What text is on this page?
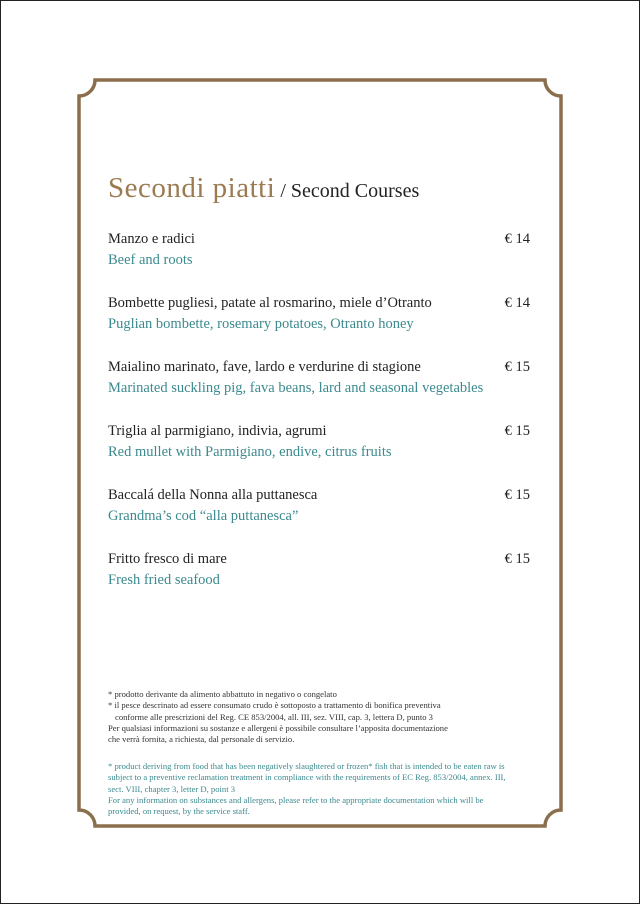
Secondi piatti / Second Courses
Manzo e radici
Beef and roots
€ 14
Bombette pugliesi, patate al rosmarino, miele d’Otranto
Puglian bombette, rosemary potatoes, Otranto honey
€ 14
Maialino marinato, fave, lardo e verdurine di stagione
Marinated suckling pig, fava beans, lard and seasonal vegetables
€ 15
Triglia al parmigiano, indivia, agrumi
Red mullet with Parmigiano, endive, citrus fruits
€ 15
Baccalá della Nonna alla puttanesca
Grandma’s cod “alla puttanesca”
€ 15
Fritto fresco di mare
Fresh fried seafood
€ 15
* prodotto derivante da alimento abbattuto in negativo o congelato
* il pesce descrinato ad essere consumato crudo è sottoposto a trattamento di bonifica preventiva
conforme alle prescrizioni del Reg. CE 853/2004, all. III, sez. VIII, cap. 3, lettera D, punto 3
Per qualsiasi informazioni su sostanze e allergeni è possibile consultare l’apposita documentazione
che verrà fornita, a richiesta, dal personale di servizio.
* product deriving from food that has been negatively slaughtered or frozen* fish that is intended to be eaten raw is
subject to a preventive reclamation treatment in compliance with the requirements of EC Reg. 853/2004, annex. III,
sect. VIII, chapter 3, letter D, point 3
For any information on substances and allergens, please refer to the appropriate documentation which will be
provided, on request, by the service staff.
